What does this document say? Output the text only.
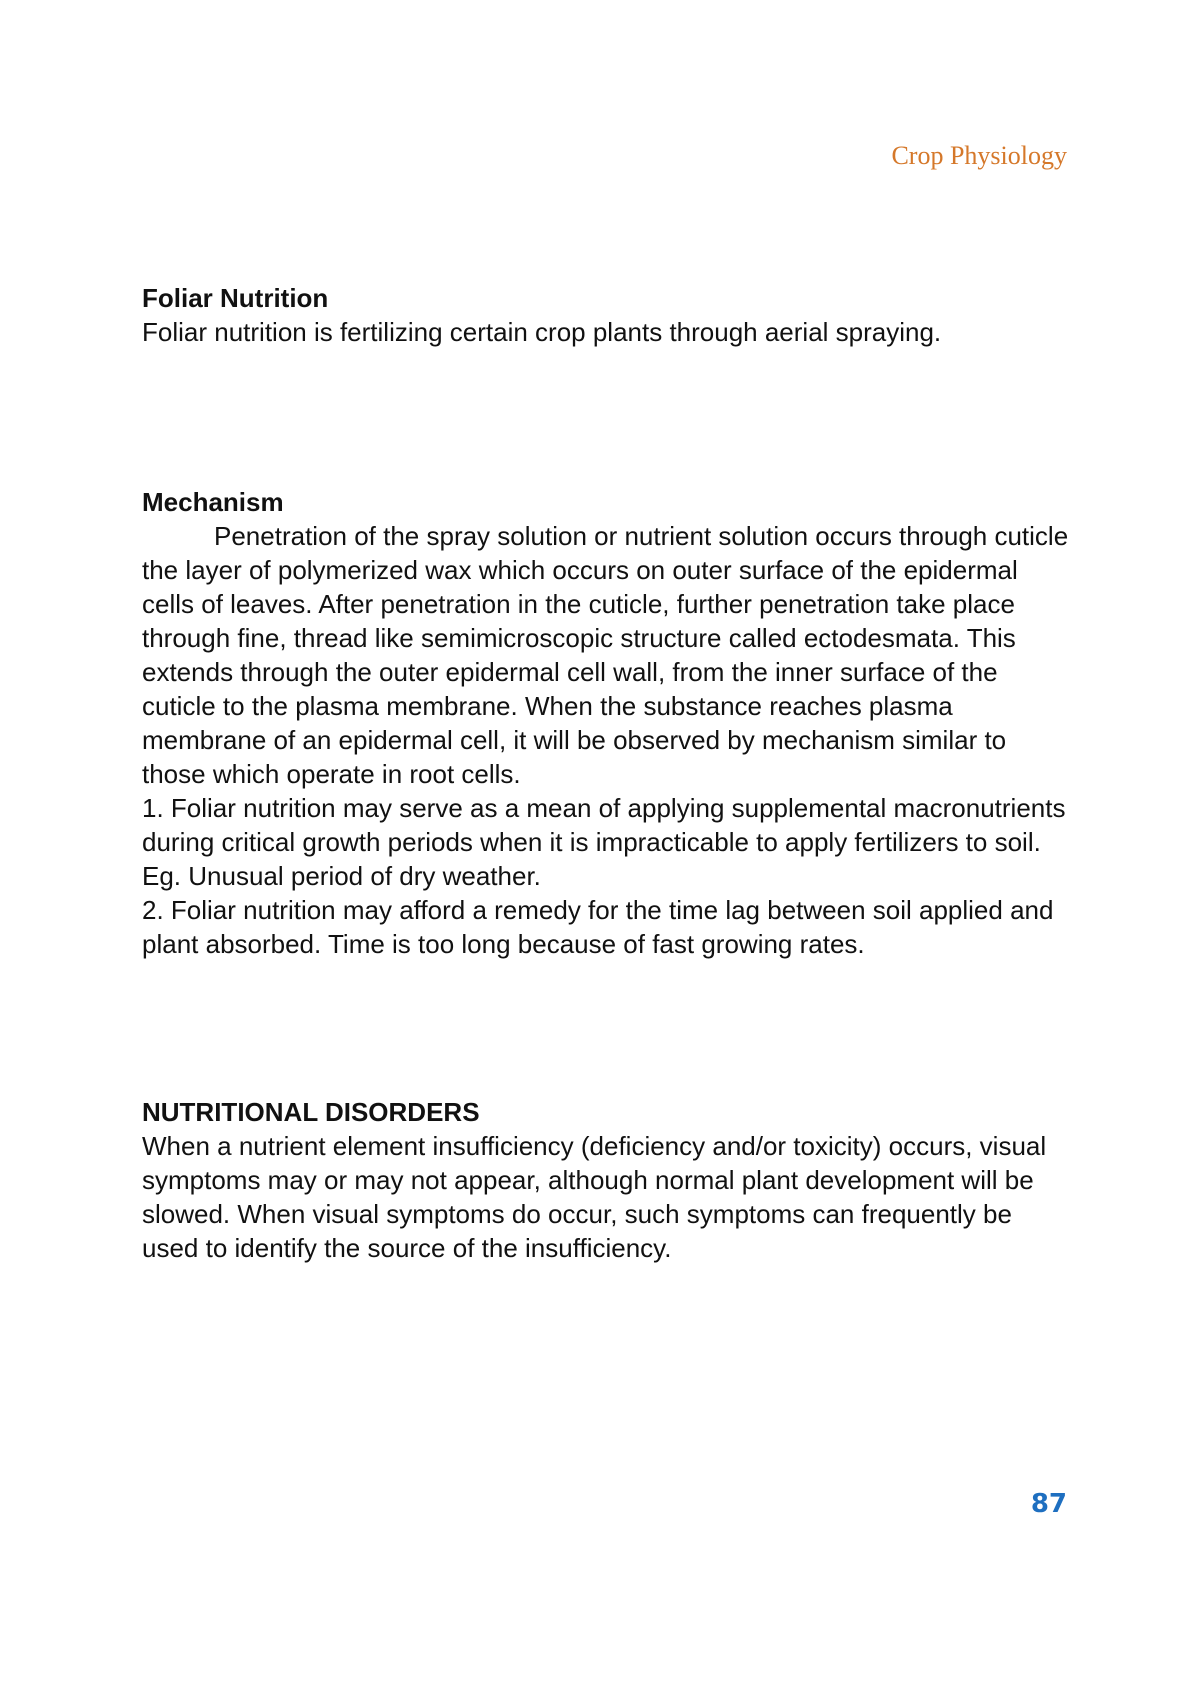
Crop Physiology
Foliar Nutrition

Foliar nutrition is fertilizing certain crop plants through aerial spraying.

Mechanism

Penetration of the spray solution or nutrient solution occurs through cuticle the layer of polymerized wax which occurs on outer surface of the epidermal cells of leaves. After penetration in the cuticle, further penetration take place through fine, thread like semimicroscopic structure called ectodesmata. This extends through the outer epidermal cell wall, from the inner surface of the cuticle to the plasma membrane. When the substance reaches plasma membrane of an epidermal cell, it will be observed by mechanism similar to those which operate in root cells.

1. Foliar nutrition may serve as a mean of applying supplemental macronutrients during critical growth periods when it is impracticable to apply fertilizers to soil. Eg. Unusual period of dry weather.

2. Foliar nutrition may afford a remedy for the time lag between soil applied and plant absorbed. Time is too long because of fast growing rates.

NUTRITIONAL DISORDERS

When a nutrient element insufficiency (deficiency and/or toxicity) occurs, visual symptoms may or may not appear, although normal plant development will be slowed. When visual symptoms do occur, such symptoms can frequently be used to identify the source of the insufficiency.

87
